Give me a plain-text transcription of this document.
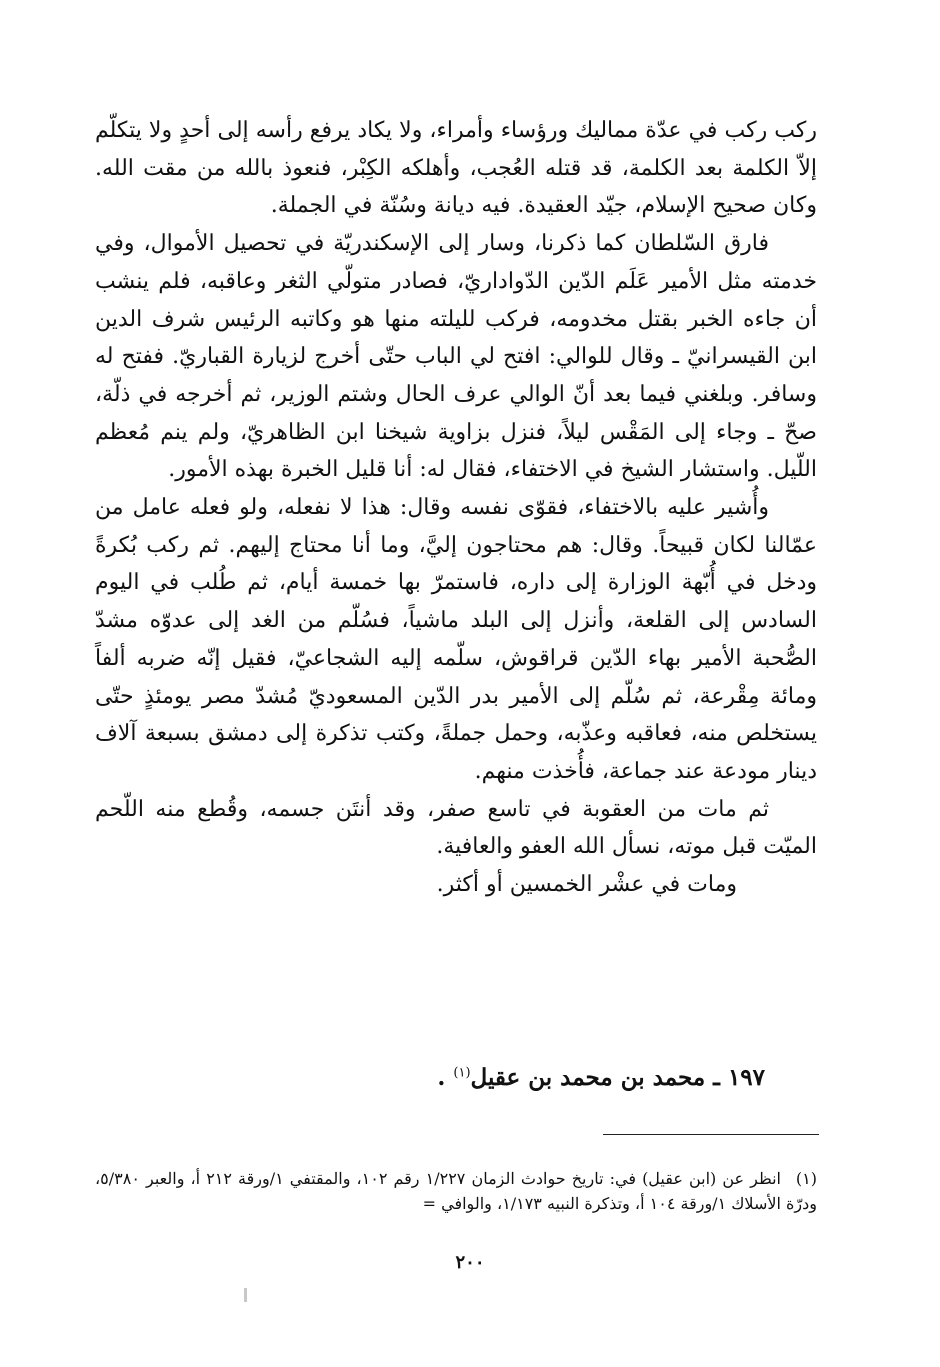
ركب ركب في عدّة مماليك ورؤساء وأمراء، ولا يكاد يرفع رأسه إلى أحدٍ ولا يتكلّم إلاّ الكلمة بعد الكلمة، قد قتله العُجب، وأهلكه الكِبْر، فنعوذ بالله من مقت الله. وكان صحيح الإسلام، جيّد العقيدة. فيه ديانة وسُنّة في الجملة.

فارق السّلطان كما ذكرنا، وسار إلى الإسكندريّة في تحصيل الأموال، وفي خدمته مثل الأمير عَلَم الدّين الدّواداريّ، فصادر متولّي الثغر وعاقبه، فلم ينشب أن جاءه الخبر بقتل مخدومه، فركب لليلته منها هو وكاتبه الرئيس شرف الدين ابن القيسرانيّ ـ وقال للوالي: افتح لي الباب حتّى أخرج لزيارة القباريّ. ففتح له وسافر. وبلغني فيما بعد أنّ الوالي عرف الحال وشتم الوزير، ثم أخرجه في ذلّة، صحّ ـ وجاء إلى المَقْس ليلاً، فنزل بزاوية شيخنا ابن الظاهريّ، ولم ينم مُعظم اللّيل. واستشار الشيخ في الاختفاء، فقال له: أنا قليل الخبرة بهذه الأمور.

وأُشير عليه بالاختفاء، فقوّى نفسه وقال: هذا لا نفعله، ولو فعله عامل من عمّالنا لكان قبيحاً. وقال: هم محتاجون إليَّ، وما أنا محتاج إليهم. ثم ركب بُكرةً ودخل في أُبّهة الوزارة إلى داره، فاستمرّ بها خمسة أيام، ثم طُلب في اليوم السادس إلى القلعة، وأنزل إلى البلد ماشياً، فسُلّم من الغد إلى عدوّه مشدّ الصُّحبة الأمير بهاء الدّين قراقوش، سلّمه إليه الشجاعيّ، فقيل إنّه ضربه ألفاً ومائة مِقْرعة، ثم سُلّم إلى الأمير بدر الدّين المسعوديّ مُشدّ مصر يومئذٍ حتّى يستخلص منه، فعاقبه وعذّبه، وحمل جملةً، وكتب تذكرة إلى دمشق بسبعة آلاف دينار مودعة عند جماعة، فأُخذت منهم.

ثم مات من العقوبة في تاسع صفر، وقد أنتَن جسمه، وقُطع منه اللّحم الميّت قبل موته، نسأل الله العفو والعافية.

ومات في عشْر الخمسين أو أكثر.

١٩٧ ـ محمد بن محمد بن عقيل$^{(١)}$ .
(١)انظر عن (ابن عقيل) في: تاريخ حوادث الزمان ١/٢٢٧ رقم ١٠٢، والمقتفي ١/ورقة ٢١٢ أ، والعبر ٥/٣٨٠، ودرّة الأسلاك ١/ورقة ١٠٤ أ، وتذكرة النبيه ١/١٧٣، والوافي =
٢٠٠
